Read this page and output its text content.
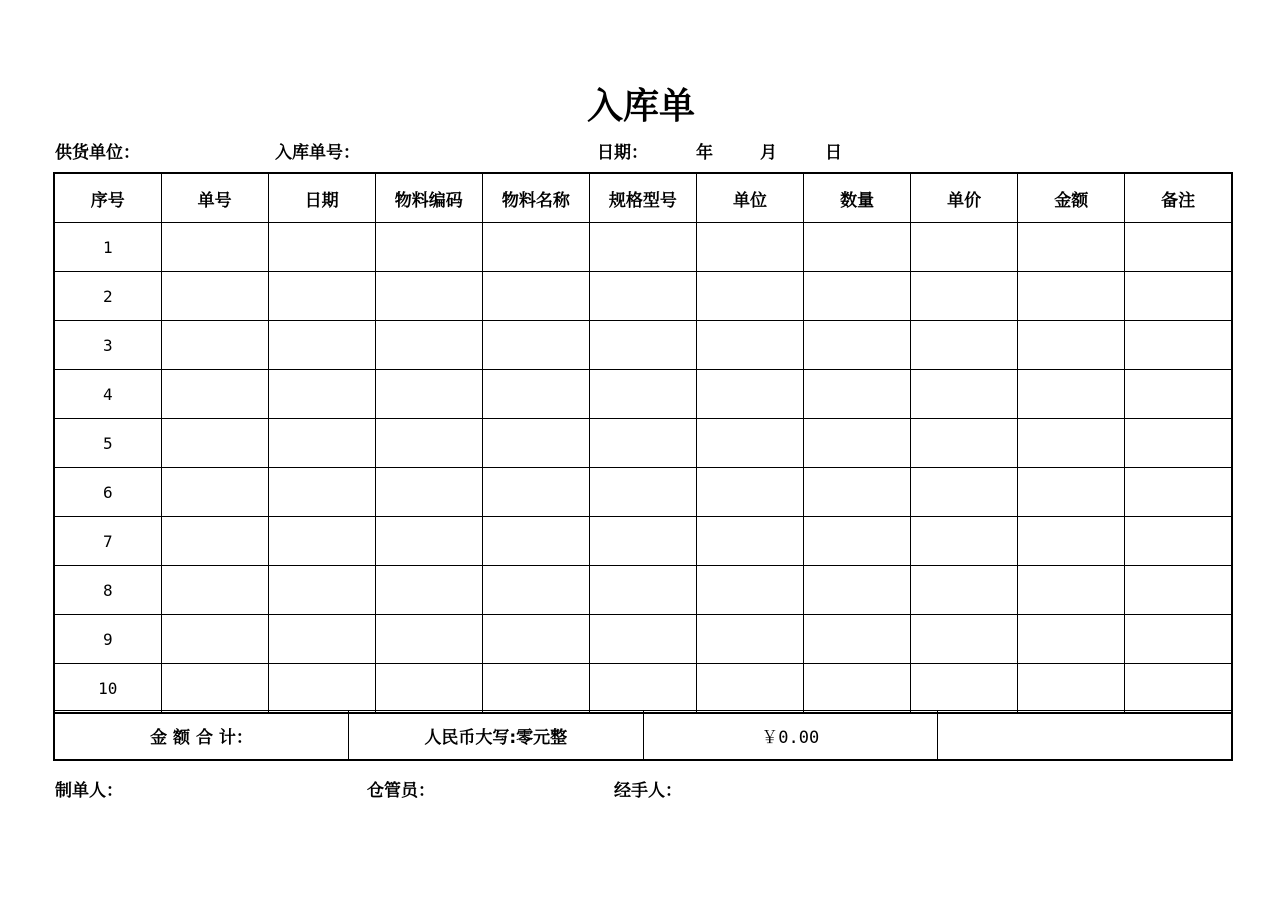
入库单
供货单位：	入库单号：	日期：	年	月	日
序号	单号	日期	物料编码	物料名称	规格型号	单位	数量	单价	金额	备注
1										
2										
3										
4										
5										
6										
7										
8										
9										
10										
金 额 合 计：	人民币大写:零元整	￥0.00	
制单人：	仓管员：	经手人：
